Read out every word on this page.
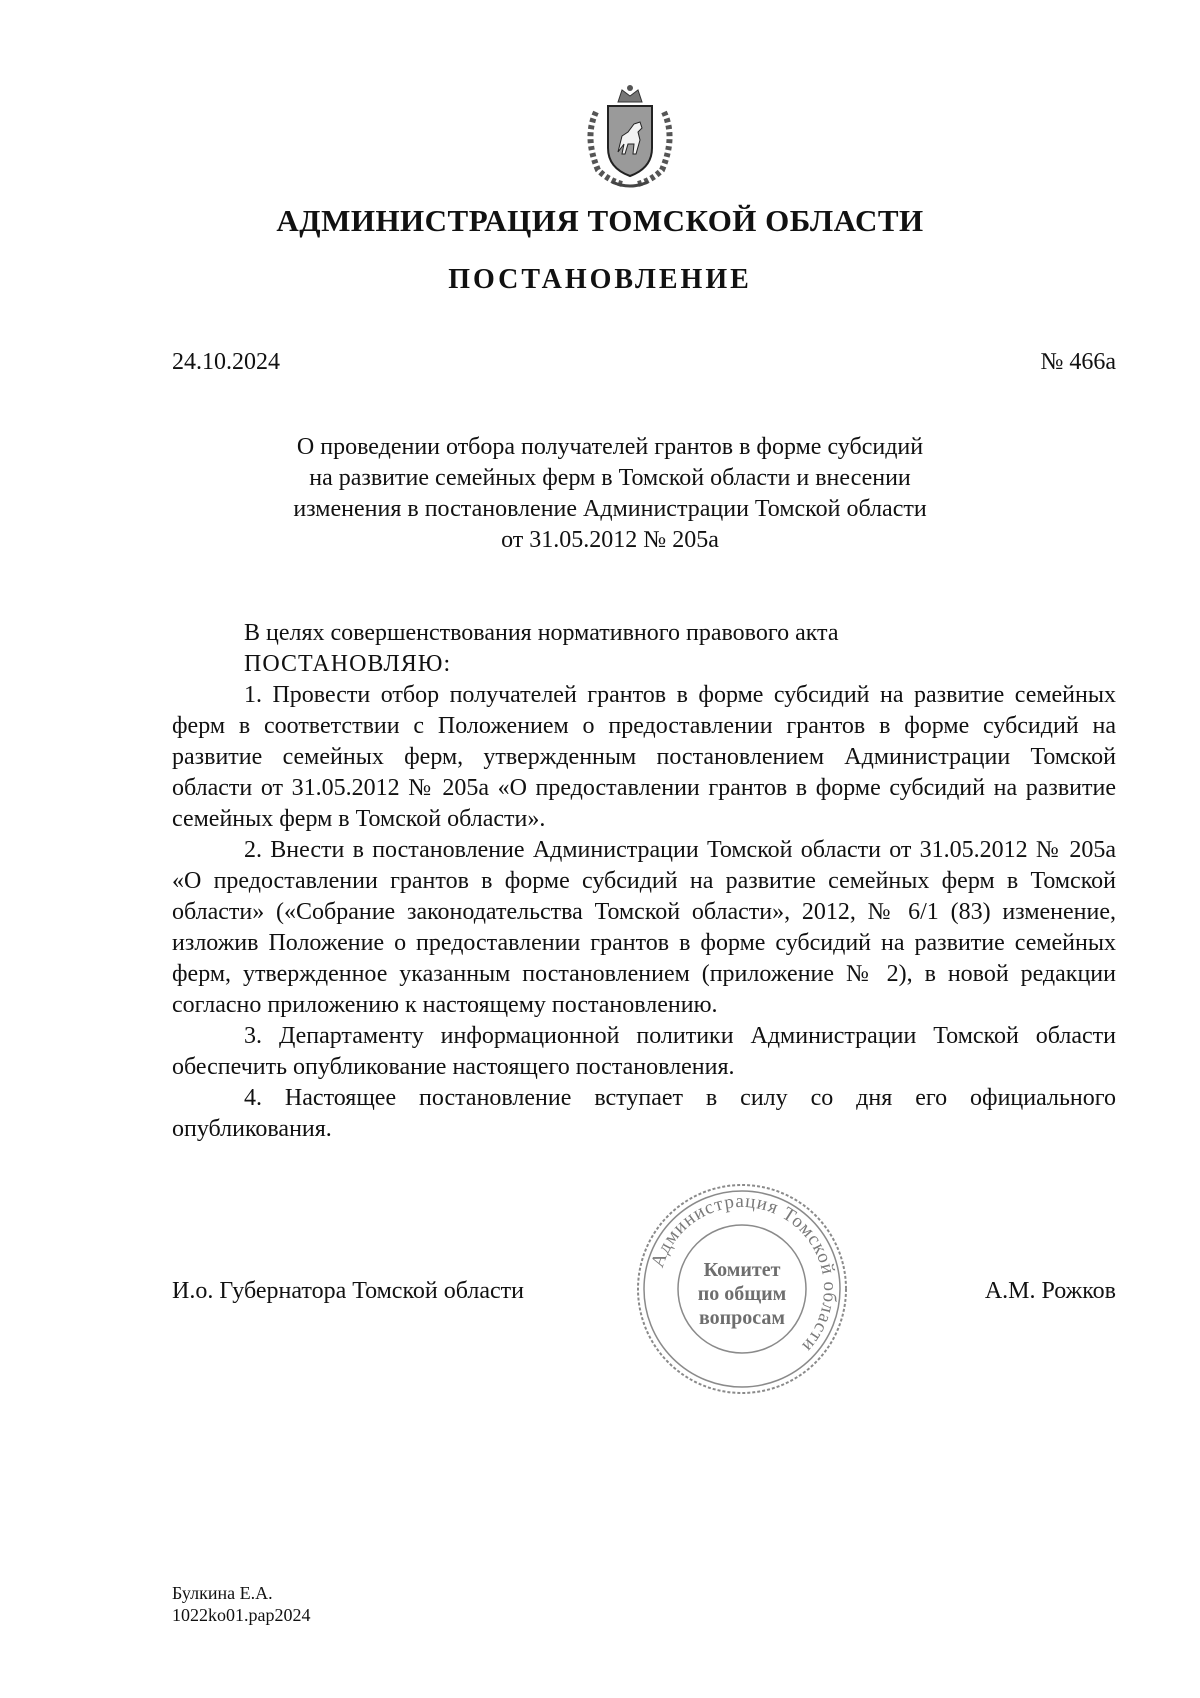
АДМИНИСТРАЦИЯ ТОМСКОЙ ОБЛАСТИ
ПОСТАНОВЛЕНИЕ
24.10.2024	№ 466а
О проведении отбора получателей грантов в форме субсидий
на развитие семейных ферм в Томской области и внесении
изменения в постановление Администрации Томской области
от 31.05.2012 № 205а

В целях совершенствования нормативного правового акта

ПОСТАНОВЛЯЮ:

1. Провести отбор получателей грантов в форме субсидий на развитие семейных ферм в соответствии с Положением о предоставлении грантов в форме субсидий на развитие семейных ферм, утвержденным постановлением Администрации Томской области от 31.05.2012 № 205а «О предоставлении грантов в форме субсидий на развитие семейных ферм в Томской области».

2. Внести в постановление Администрации Томской области от 31.05.2012 № 205а «О предоставлении грантов в форме субсидий на развитие семейных ферм в Томской области» («Собрание законодательства Томской области», 2012, № 6/1 (83) изменение, изложив Положение о предоставлении грантов в форме субсидий на развитие семейных ферм, утвержденное указанным постановлением (приложение № 2), в новой редакции согласно приложению к настоящему постановлению.

3. Департаменту информационной политики Администрации Томской области обеспечить опубликование настоящего постановления.

4. Настоящее постановление вступает в силу со дня его официального опубликования.

И.о. Губернатора Томской области	А.М. Рожков
Администрация Томской области
Комитет
по общим
вопросам
Булкина Е.А.
1022ko01.pap2024
